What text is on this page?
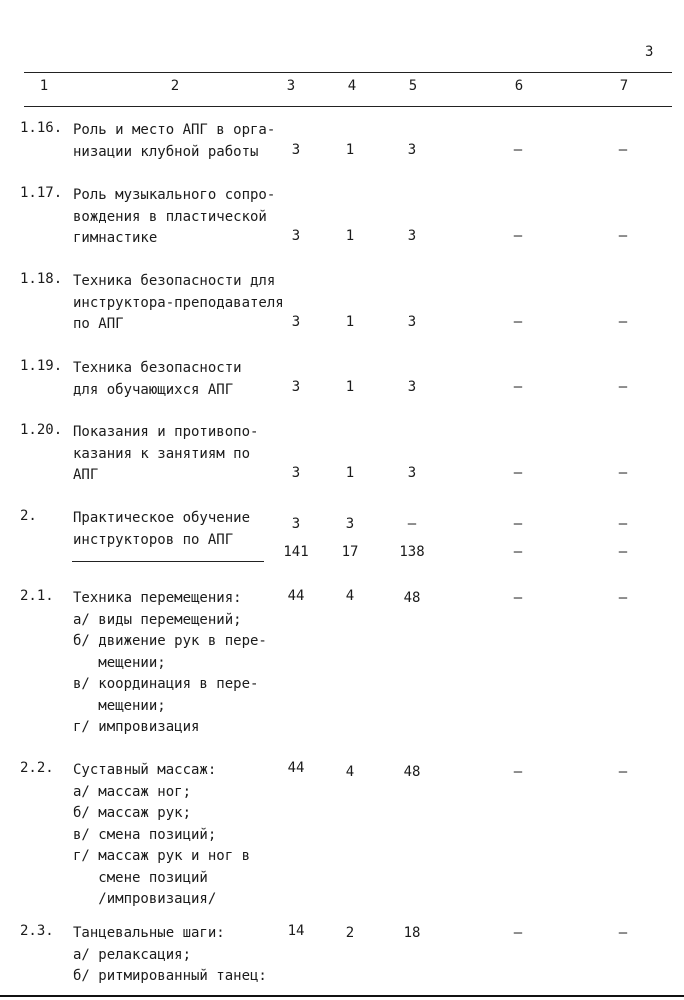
3
1	2	3	4	5	6	7
1.16. Роль и место АПГ в орга-
низации клубной работы	3	1	3	–	–
1.17. Роль музыкального сопро-
вождения в пластической
гимнастике	3	1	3	–	–
1.18. Техника безопасности для
инструктора-преподавателя
по АПГ	3	1	3	–	–
1.19. Техника безопасности
для обучающихся АПГ	3	1	3	–	–
1.20. Показания и противопо-
казания к занятиям по
АПГ	3	1	3	–	–
2.	Практическое обучение
инструкторов по АПГ
3	3	–	–	–
141	17	138	–	–
2.1. Техника перемещения:
а/ виды перемещений;
б/ движение рук в пере-
мещении;
в/ координация в пере-
мещении;
г/ импровизация
44	4	48	–	–
2.2. Суставный массаж:
а/ массаж ног;
б/ массаж рук;
в/ смена позиций;
г/ массаж рук и ног в
смене позиций
/импровизация/
44	4	48	–	–
2.3. Танцевальные шаги:
а/ релаксация;
б/ ритмированный танец:
14	2	18	–	–
